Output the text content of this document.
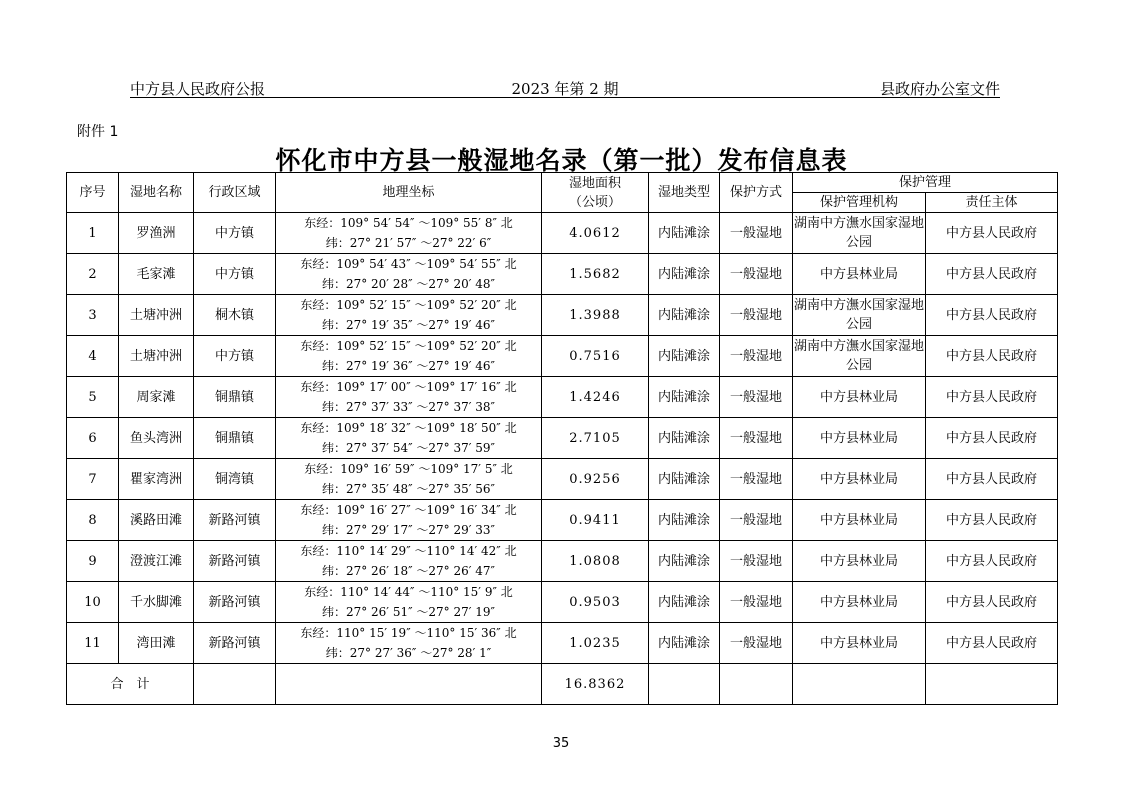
中方县人民政府公报	2023 年第 2 期	县政府办公室文件
附件 1
怀化市中方县一般湿地名录（第一批）发布信息表
序号	湿地名称	行政区域	地理坐标	湿地面积
（公顷）	湿地类型	保护方式	保护管理	
							保护管理机构	责任主体
1	罗渔洲	中方镇	东经：109° 54′ 54″ ～109° 55′ 8″ 北
纬：27° 21′ 57″ ～27° 22′ 6″	4.0612	内陆滩涂	一般湿地	湖南中方潕水国家湿地公园	中方县人民政府
2	毛家滩	中方镇	东经：109° 54′ 43″ ～109° 54′ 55″ 北
纬：27° 20′ 28″ ～27° 20′ 48″	1.5682	内陆滩涂	一般湿地	中方县林业局	中方县人民政府
3	土塘冲洲	桐木镇	东经：109° 52′ 15″ ～109° 52′ 20″ 北
纬：27° 19′ 35″ ～27° 19′ 46″	1.3988	内陆滩涂	一般湿地	湖南中方潕水国家湿地公园	中方县人民政府
4	土塘冲洲	中方镇	东经：109° 52′ 15″ ～109° 52′ 20″ 北
纬：27° 19′ 36″ ～27° 19′ 46″	0.7516	内陆滩涂	一般湿地	湖南中方潕水国家湿地公园	中方县人民政府
5	周家滩	铜鼎镇	东经：109° 17′ 00″ ～109° 17′ 16″ 北
纬：27° 37′ 33″ ～27° 37′ 38″	1.4246	内陆滩涂	一般湿地	中方县林业局	中方县人民政府
6	鱼头湾洲	铜鼎镇	东经：109° 18′ 32″ ～109° 18′ 50″ 北
纬：27° 37′ 54″ ～27° 37′ 59″	2.7105	内陆滩涂	一般湿地	中方县林业局	中方县人民政府
7	瞿家湾洲	铜湾镇	东经：109° 16′ 59″ ～109° 17′ 5″ 北
纬：27° 35′ 48″ ～27° 35′ 56″	0.9256	内陆滩涂	一般湿地	中方县林业局	中方县人民政府
8	溪路田滩	新路河镇	东经：109° 16′ 27″ ～109° 16′ 34″ 北
纬：27° 29′ 17″ ～27° 29′ 33″	0.9411	内陆滩涂	一般湿地	中方县林业局	中方县人民政府
9	澄渡江滩	新路河镇	东经：110° 14′ 29″ ～110° 14′ 42″ 北
纬：27° 26′ 18″ ～27° 26′ 47″	1.0808	内陆滩涂	一般湿地	中方县林业局	中方县人民政府
10	千水脚滩	新路河镇	东经：110° 14′ 44″ ～110° 15′ 9″ 北
纬：27° 26′ 51″ ～27° 27′ 19″	0.9503	内陆滩涂	一般湿地	中方县林业局	中方县人民政府
11	湾田滩	新路河镇	东经：110° 15′ 19″ ～110° 15′ 36″ 北
纬：27° 27′ 36″ ～27° 28′ 1″	1.0235	内陆滩涂	一般湿地	中方县林业局	中方县人民政府
合　计				16.8362				
35
